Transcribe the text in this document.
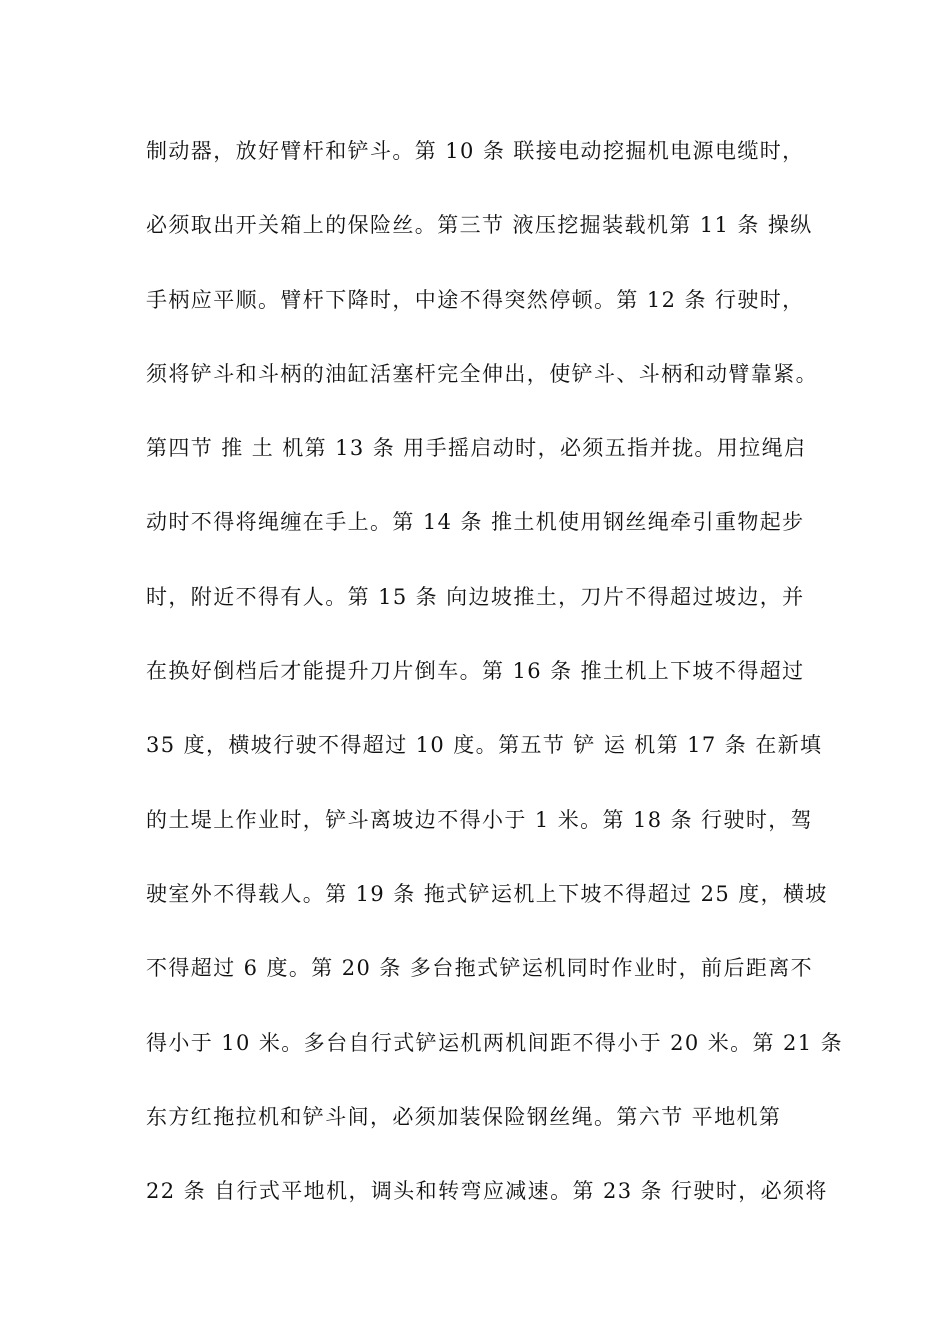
制动器，放好臂杆和铲斗。第 10 条 联接电动挖掘机电源电缆时，
必须取出开关箱上的保险丝。第三节 液压挖掘装载机第 11 条 操纵
手柄应平顺。臂杆下降时，中途不得突然停顿。第 12 条 行驶时，
须将铲斗和斗柄的油缸活塞杆完全伸出，使铲斗、斗柄和动臂靠紧。
第四节 推 土 机第 13 条 用手摇启动时，必须五指并拢。用拉绳启
动时不得将绳缠在手上。第 14 条 推土机使用钢丝绳牵引重物起步
时，附近不得有人。第 15 条 向边坡推土，刀片不得超过坡边，并
在换好倒档后才能提升刀片倒车。第 16 条 推土机上下坡不得超过
35 度，横坡行驶不得超过 10 度。第五节 铲 运 机第 17 条 在新填
的土堤上作业时，铲斗离坡边不得小于 1 米。第 18 条 行驶时，驾
驶室外不得载人。第 19 条 拖式铲运机上下坡不得超过 25 度，横坡
不得超过 6 度。第 20 条 多台拖式铲运机同时作业时，前后距离不
得小于 10 米。多台自行式铲运机两机间距不得小于 20 米。第 21 条
东方红拖拉机和铲斗间，必须加装保险钢丝绳。第六节 平地机第
22 条 自行式平地机，调头和转弯应减速。第 23 条 行驶时，必须将
